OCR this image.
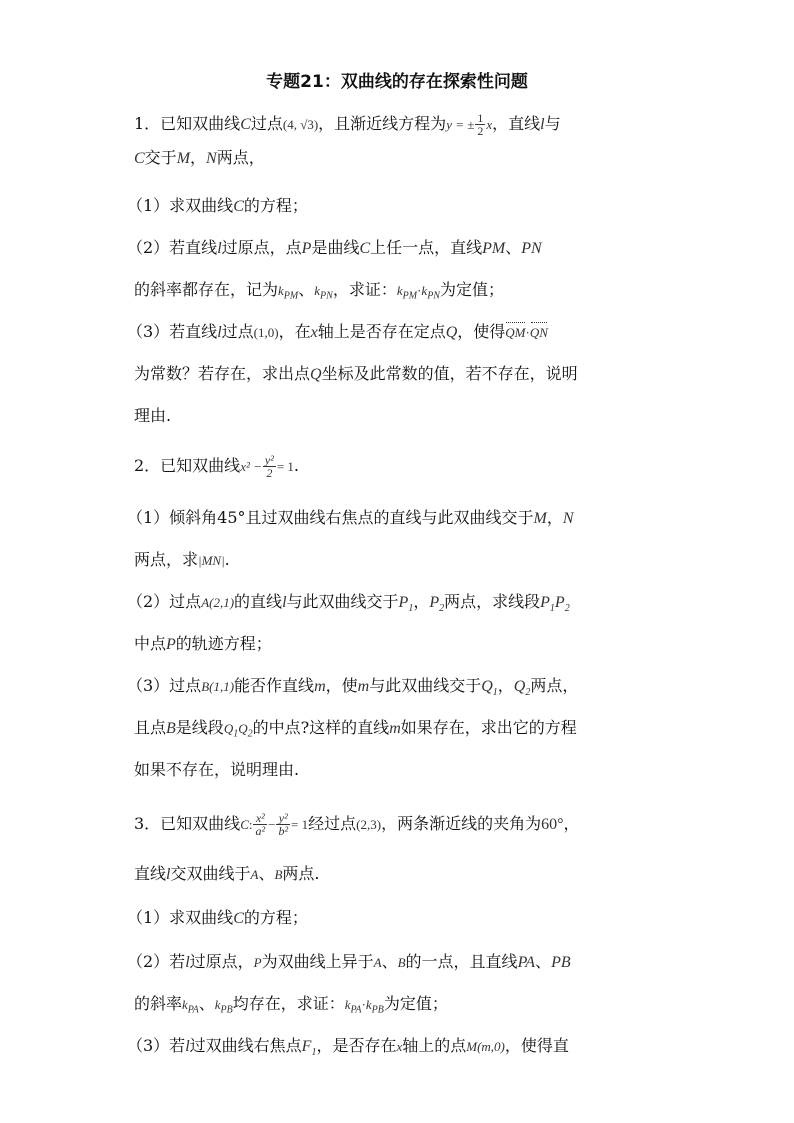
专题21：双曲线的存在探索性问题
1．已知双曲线C过点(4, √3)，且渐近线方程为y = ± $\frac{1}{2}$ x，直线l与
C交于M，N两点，
（1）求双曲线C的方程；
（2）若直线l过原点，点P是曲线C上任一点，直线PM、PN
的斜率都存在，记为$k_{PM}$、$k_{PN}$，求证：$k_{PM}\cdot k_{PN}$为定值；
（3）若直线l过点(1,0)，在x轴上是否存在定点Q，使得QM·QN
为常数？若存在，求出点Q坐标及此常数的值，若不存在，说明
理由.
2．已知双曲线$x^2 - \frac{\text{y²}}{2} = 1$.
（1）倾斜角45°且过双曲线右焦点的直线与此双曲线交于M，N
两点，求|MN|.
（2）过点A(2,1)的直线l与此双曲线交于$P_1$，$P_2$两点，求线段$P_1P_2$
中点P的轨迹方程；
（3）过点B(1,1)能否作直线m，使m与此双曲线交于$Q_1$，$Q_2$两点，
且点B是线段$Q_1Q_2$的中点?这样的直线m如果存在，求出它的方程
如果不存在，说明理由.
3．已知双曲线C: $\frac{\text{x²}}{\text{a²}} - \frac{\text{y²}}{\text{b²}} = 1$经过点(2,3)，两条渐近线的夹角为60°，
直线l交双曲线于A、B两点.
（1）求双曲线C的方程；
（2）若l过原点，P为双曲线上异于A、B的一点，且直线PA、PB
的斜率$k_{PA}$、$k_{PB}$均存在，求证：$k_{PA}\cdot k_{PB}$为定值；
（3）若l过双曲线右焦点$F_1$，是否存在x轴上的点M(m,0)，使得直
